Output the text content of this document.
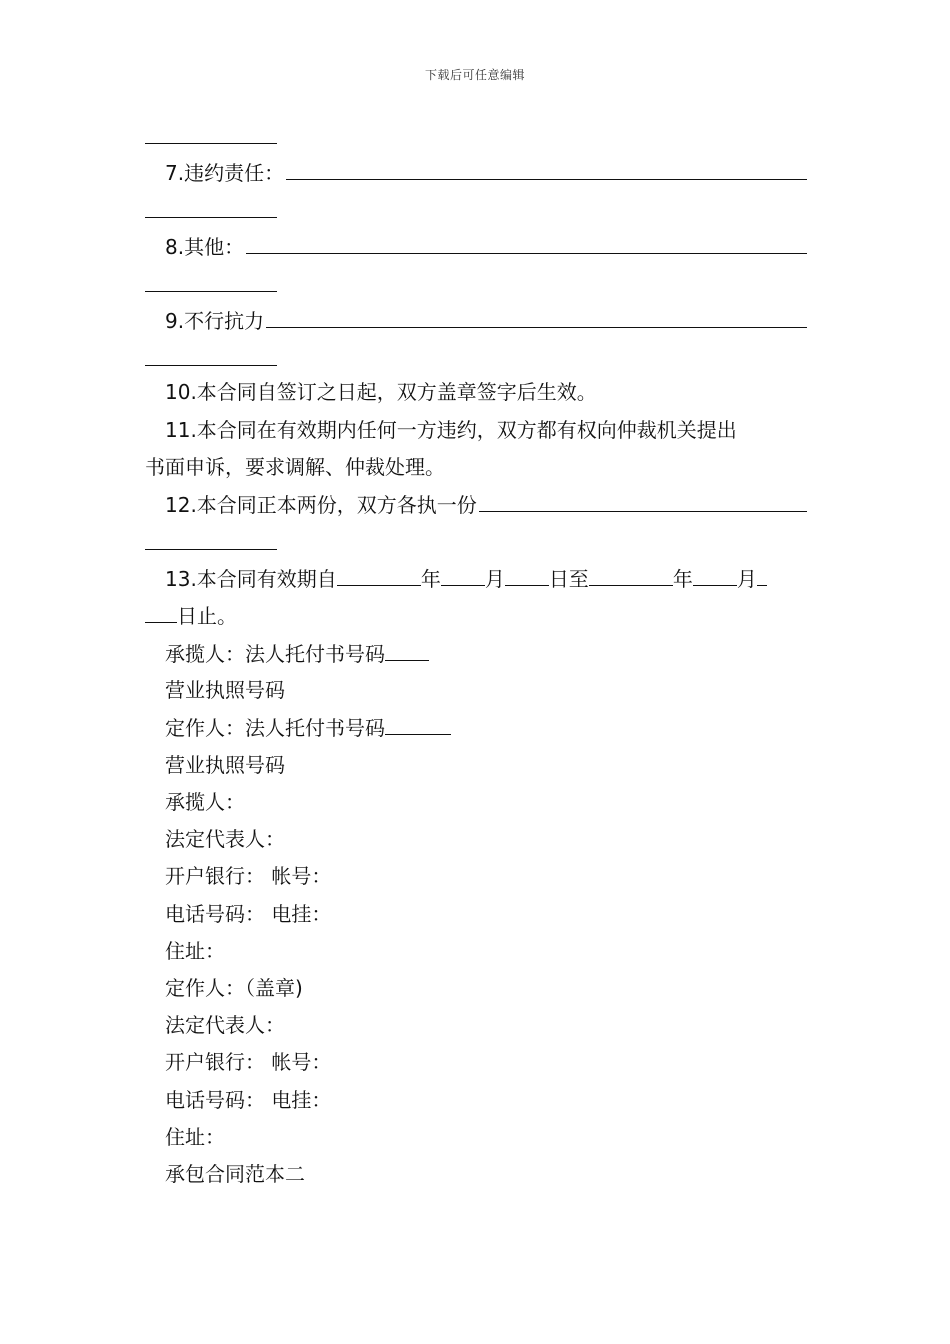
下载后可任意编辑
7.违约责任：
8.其他：
9.不行抗力
10.本合同自签订之日起，双方盖章签字后生效。
11.本合同在有效期内任何一方违约，双方都有权向仲裁机关提出
书面申诉，要求调解、仲裁处理。
12.本合同正本两份，双方各执一份
13.本合同有效期自	年 月 日至	年 月
日止。
承揽人：法人托付书号码
营业执照号码
定作人：法人托付书号码
营业执照号码
承揽人：
法定代表人：
开户银行： 帐号：
电话号码： 电挂：
住址：
定作人：（盖章)
法定代表人：
开户银行： 帐号：
电话号码： 电挂：
住址：
承包合同范本二
